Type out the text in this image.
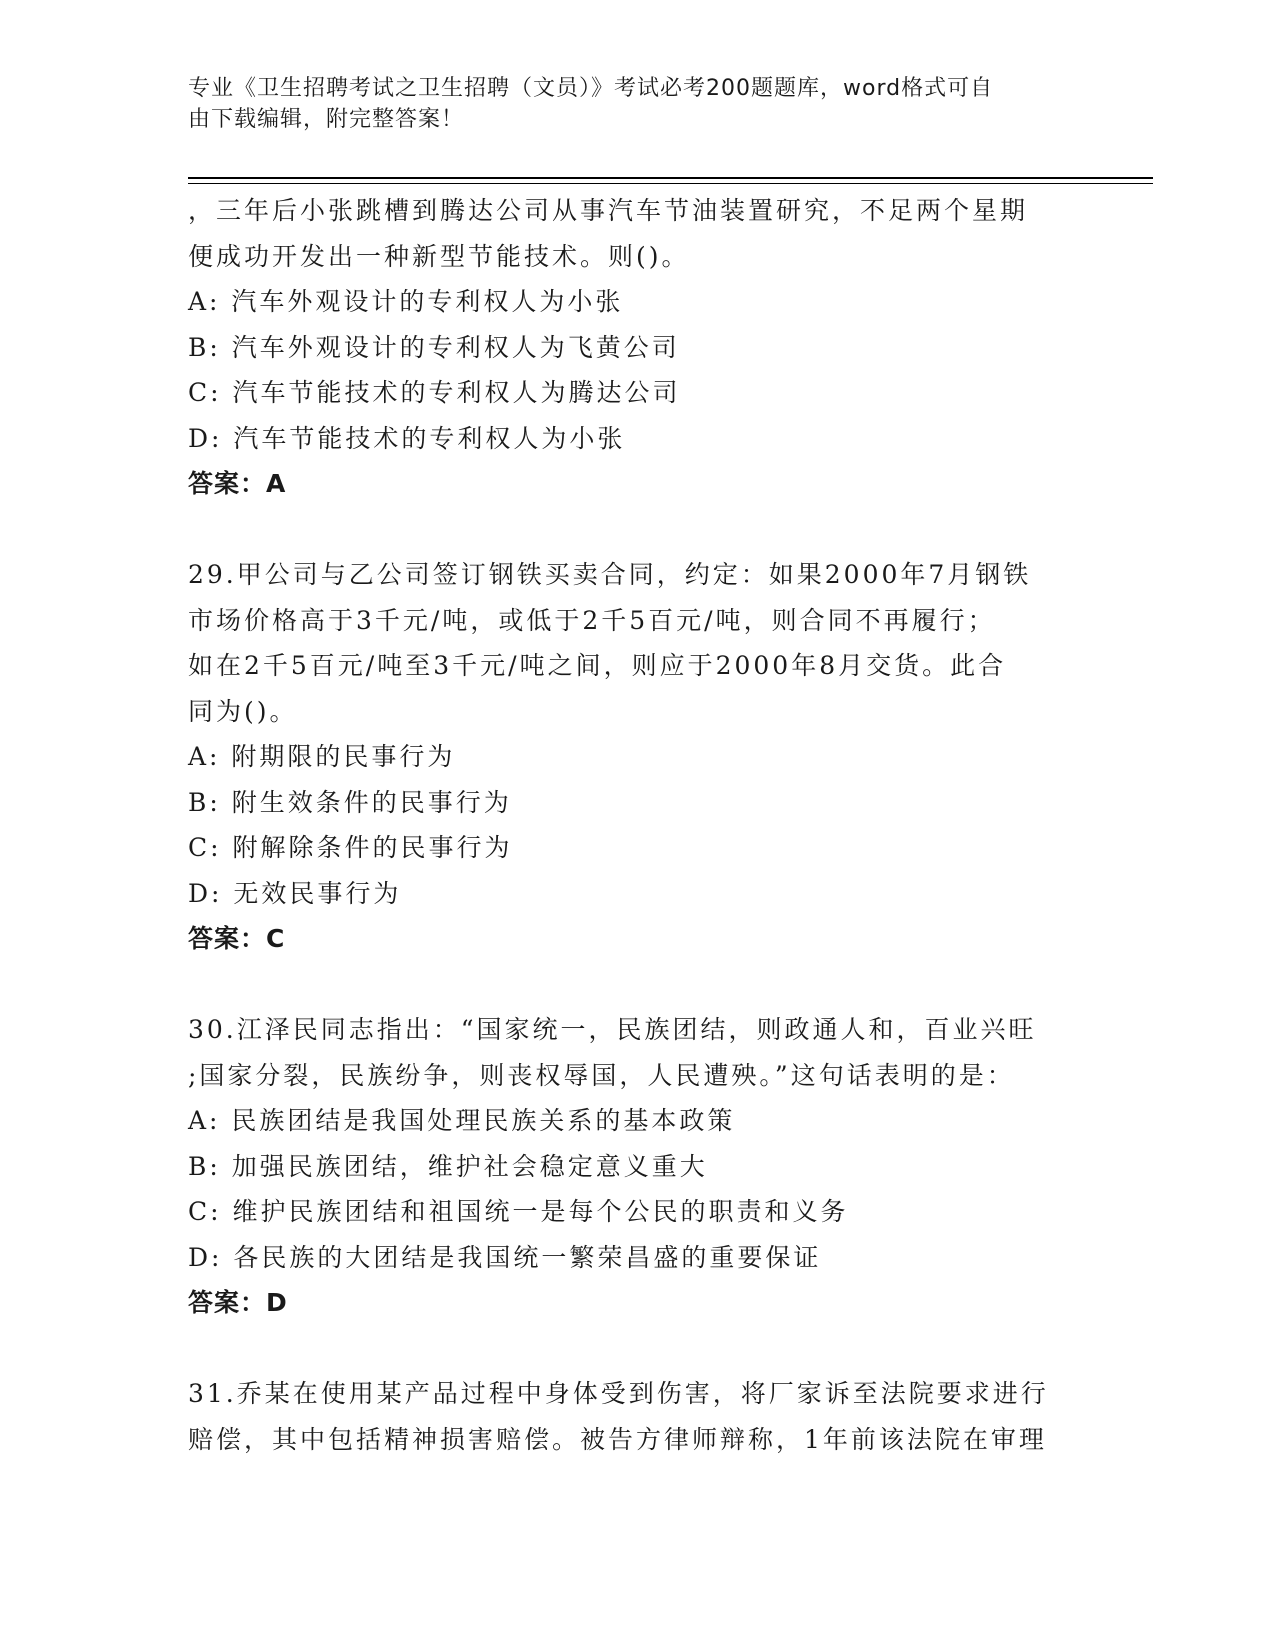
专业《卫生招聘考试之卫生招聘（文员）》考试必考200题题库，word格式可自
由下载编辑，附完整答案！
，三年后小张跳槽到腾达公司从事汽车节油装置研究，不足两个星期
便成功开发出一种新型节能技术。则()。
A: 汽车外观设计的专利权人为小张
B: 汽车外观设计的专利权人为飞黄公司
C: 汽车节能技术的专利权人为腾达公司
D: 汽车节能技术的专利权人为小张
答案：A
29.甲公司与乙公司签订钢铁买卖合同，约定：如果2000年7月钢铁
市场价格高于3千元/吨，或低于2千5百元/吨，则合同不再履行；
如在2千5百元/吨至3千元/吨之间，则应于2000年8月交货。此合
同为()。
A: 附期限的民事行为
B: 附生效条件的民事行为
C: 附解除条件的民事行为
D: 无效民事行为
答案：C
30.江泽民同志指出：“国家统一，民族团结，则政通人和，百业兴旺
;国家分裂，民族纷争，则丧权辱国，人民遭殃。”这句话表明的是：
A: 民族团结是我国处理民族关系的基本政策
B: 加强民族团结，维护社会稳定意义重大
C: 维护民族团结和祖国统一是每个公民的职责和义务
D: 各民族的大团结是我国统一繁荣昌盛的重要保证
答案：D
31.乔某在使用某产品过程中身体受到伤害，将厂家诉至法院要求进行
赔偿，其中包括精神损害赔偿。被告方律师辩称，1年前该法院在审理
